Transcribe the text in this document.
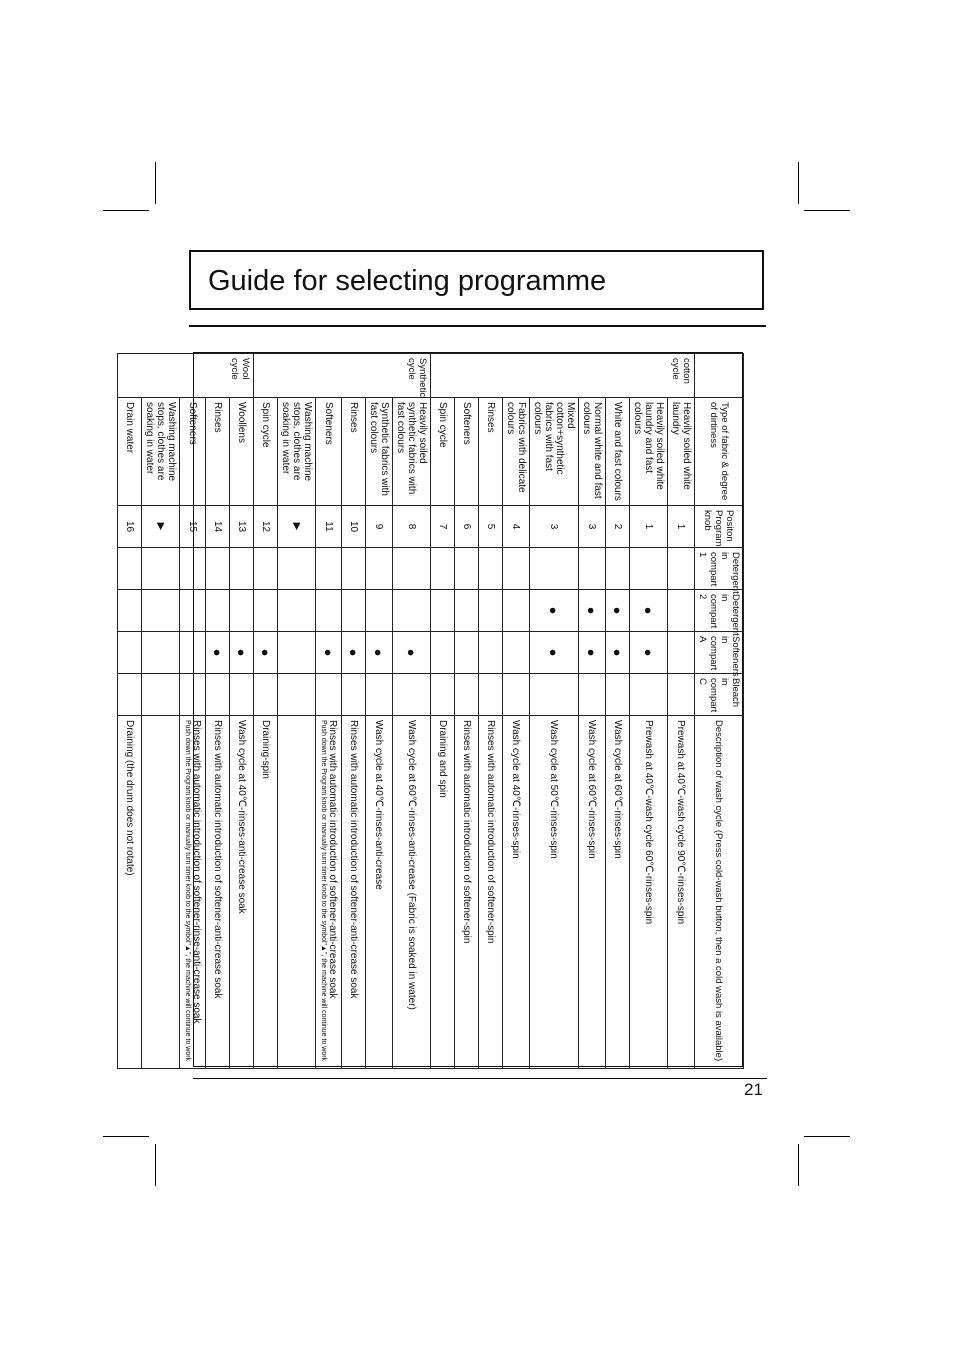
Guide for selecting programme
	Type of fabric & degree of dirtiness	Positon Program knob	Detergent in compart 1	Detergent in compart 2	Softeners in compart A	Bleach in compart C	Description of wash cycle (Press cold-wash button, then a cold wash is available)
cotton cycle	Heavily soiled white laundry	1					Prewash at 40℃-wash cycle 90℃-rinses-spin
	Heavily soiled white laundry and fast colours	1		●	●		Prewash at 40℃-wash cycle 60℃-rinses-spin
	White and fast colours	2		●	●		Wash cycle at 60℃-rinses-spin
	Normal white and fast colours	3		●	●		Wash cycle at 60℃-rinses-spin
	Mixed cotton+synthetic fabrics with fast colours	3		●	●		Wash cycle at 50℃-rinses-spin
	Fabrics with delicate colours	4					Wash cycle at 40℃-rinses-spin
	Rinses	5					Rinses with automatic introduction of softener-spin
	Softeners	6					Rinses with automatic introduction of softener-spin
	Spin cycle	7					Draining and spin
Synthetic cycle	Heavily soiled synthetic fabrics with fast colours	8			●		Wash cycle at 60℃-rinses-anti-crease (Fabric is soaked in water)
	Synthetic fabrics with fast colours	9			●		Wash cycle at 40℃-rinses-anti-crease
	Rinses	10			●		Rinses with automatic introduction of softener-anti-crease soak
	Softeners	11			●		Rinses with automatic introduction of softener-anti-crease soak
Push down the Program knob or manually turn timer knob to the symbol"▲", the machine will continue to work

	Washing machine stops, clothes are soaking in water	▶					
	Spin cycle	12			●		Draining-spin
Wool cycle	Woollens	13			●		Wash cycle at 40℃-rinses-anti-crease soak
	Rinses	14			●		Rinses with automatic introduction of softener-anti-crease soak
	Softeners	15					Rinses with automatic introduction of softener-rinse-anti-crease soak
Push down the Program knob or manually turn timer knob to the symbol"▲", the machine will continue to work

	Washing machine stops, clothes are soaking in water	▶					
	Drain water	16					Draining (the drum does not rotate)
21
